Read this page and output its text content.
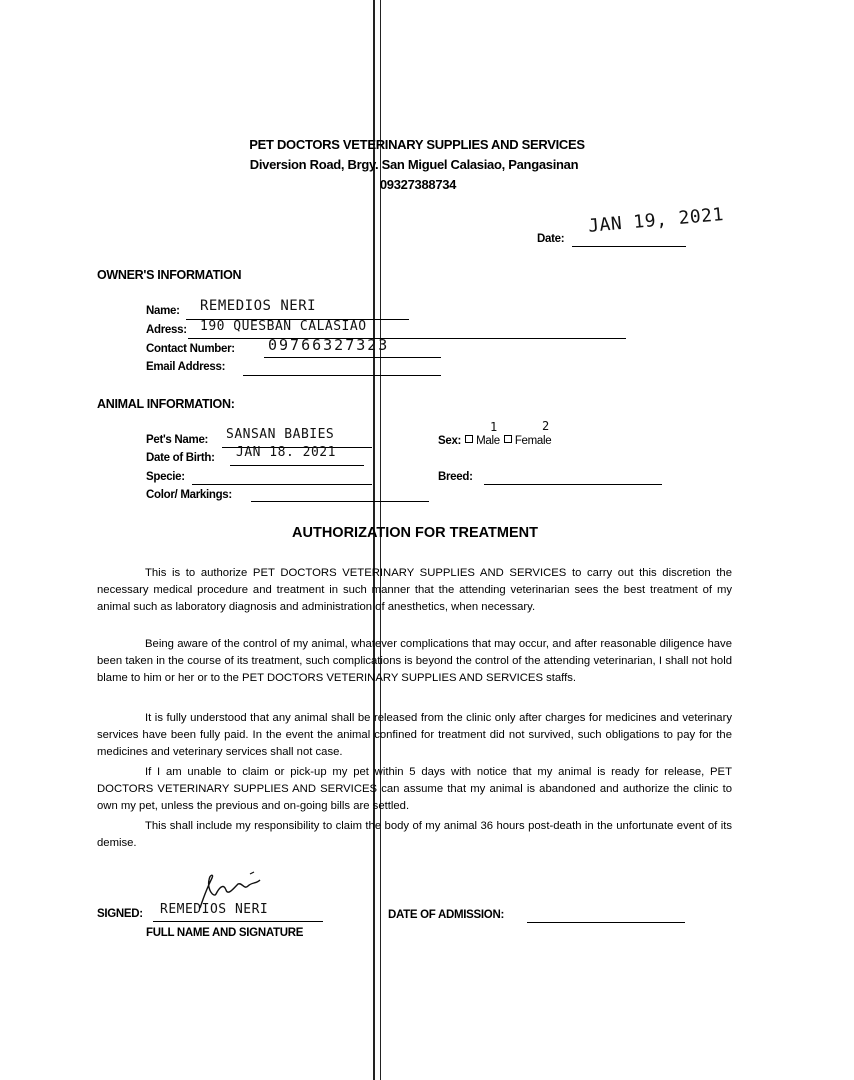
PET DOCTORS VETERINARY SUPPLIES AND SERVICES
Diversion Road, Brgy. San Miguel Calasiao, Pangasinan
09327388734
Date:
JAN 19, 2021
OWNER'S INFORMATION
Name: REMEDIOS NERI
Adress: 190 QUESBAN CALASIAO
Contact Number: 09766327323
Email Address:
ANIMAL INFORMATION:
Pet's Name: SANSAN BABIES
Date of Birth: JAN 18. 2021
Specie:
Color/ Markings:
1	2
Sex: Male Female
Breed:
AUTHORIZATION FOR TREATMENT

This is to authorize PET DOCTORS VETERINARY SUPPLIES AND SERVICES to carry out this discretion the necessary medical procedure and treatment in such manner that the attending veterinarian sees the best treatment of my animal such as laboratory diagnosis and administration of anesthetics, when necessary.

Being aware of the control of my animal, whatever complications that may occur, and after reasonable diligence have been taken in the course of its treatment, such complications is beyond the control of the attending veterinarian, I shall not hold blame to him or her or to the PET DOCTORS VETERINARY SUPPLIES AND SERVICES staffs.

It is fully understood that any animal shall be released from the clinic only after charges for medicines and veterinary services have been fully paid. In the event the animal confined for treatment did not survived, such obligations to pay for the medicines and veterinary services shall not case.

If I am unable to claim or pick-up my pet within 5 days with notice that my animal is ready for release, PET DOCTORS VETERINARY SUPPLIES AND SERVICES can assume that my animal is abandoned and authorize the clinic to own my pet, unless the previous and on-going bills are settled.

This shall include my responsibility to claim the body of my animal 36 hours post-death in the unfortunate event of its demise.

SIGNED: REMEDIOS NERI
FULL NAME AND SIGNATURE
DATE OF ADMISSION:
